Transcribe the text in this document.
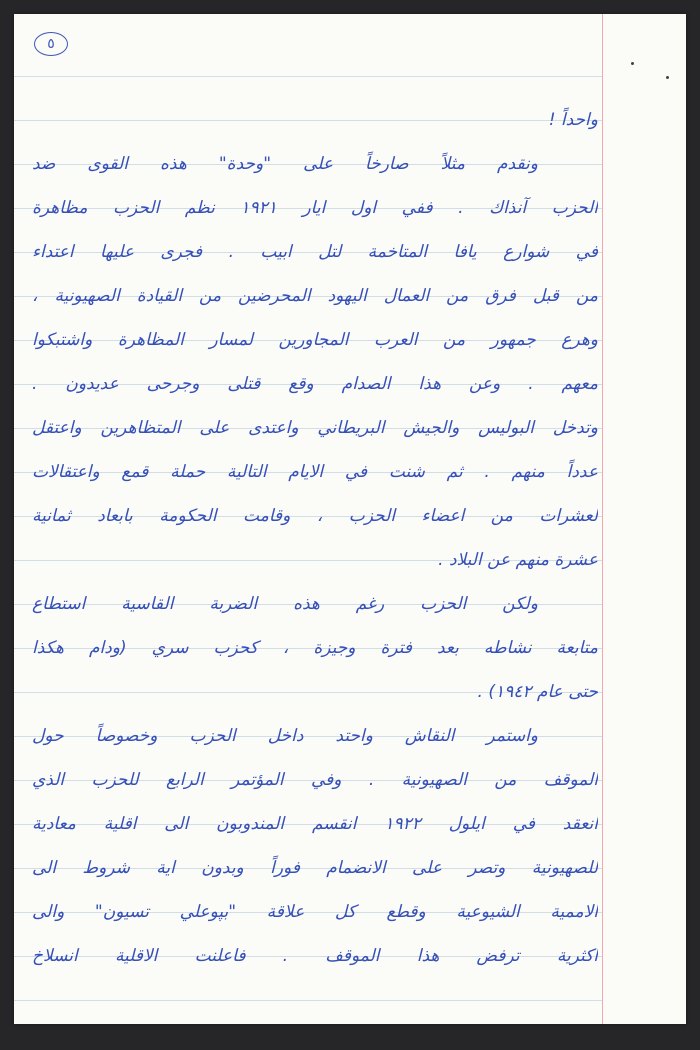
٥
واحداً !
ونقدم مثلاً صارخاً على "وحدة" هذه القوى ضد
الحزب آنذاك . ففي اول ايار ١٩٢١ نظم الحزب مظاهرة
في شوارع يافا المتاخمة لتل ابيب . فجرى عليها اعتداء
من قبل فرق من العمال اليهود المحرضين من القيادة الصهيونية ،
وهرع جمهور من العرب المجاورين لمسار المظاهرة واشتبكوا
معهم . وعن هذا الصدام وقع قتلى وجرحى عديدون .
وتدخل البوليس والجيش البريطاني واعتدى على المتظاهرين واعتقل
عدداً منهم . ثم شنت في الايام التالية حملة قمع واعتقالات
لعشرات من اعضاء الحزب ، وقامت الحكومة بابعاد ثمانية
عشرة منهم عن البلاد .
ولكن الحزب رغم هذه الضربة القاسية استطاع
متابعة نشاطه بعد فترة وجيزة ، كحزب سري (ودام هكذا
حتى عام ١٩٤٢) .
واستمر النقاش واحتد داخل الحزب وخصوصاً حول
الموقف من الصهيونية . وفي المؤتمر الرابع للحزب الذي
انعقد في ايلول ١٩٢٢ انقسم المندوبون الى اقلية معادية
للصهيونية وتصر على الانضمام فوراً وبدون اية شروط الى
الاممية الشيوعية وقطع كل علاقة "بپوعلي تسيون" والى
اكثرية ترفض هذا الموقف . فاعلنت الاقلية انسلاخ
